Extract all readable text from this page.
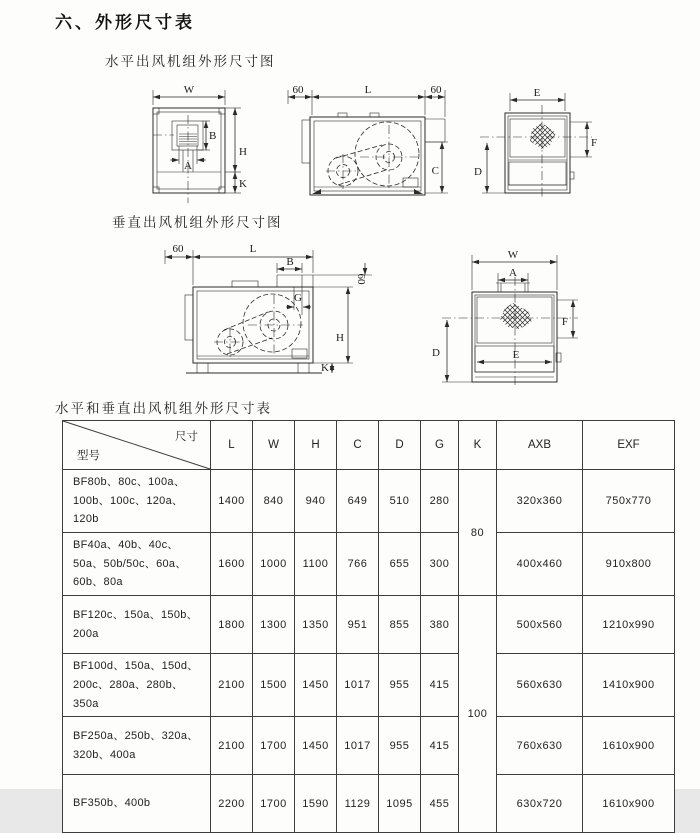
六、外形尺寸表
水平出风机组外形尺寸图
W
B
A
H
K
60	L	60
C
E
F
D
垂直出风机组外形尺寸图
60	L
B
60
G
H
K
W
A
F
D	E
水平和垂直出风机组外形尺寸表
尺寸
型号	L	W	H	C	D	G	K	AXB	EXF
BF80b、80c、100a、100b、100c、120a、120b	1400	840	940	649	510	280	80	320x360	750x770
BF40a、40b、40c、50a、50b/50c、60a、60b、80a	1600	1000	1100	766	655	300		400x460	910x800
BF120c、150a、150b、200a	1800	1300	1350	951	855	380	100	500x560	1210x990
BF100d、150a、150d、200c、280a、280b、350a	2100	1500	1450	1017	955	415		560x630	1410x900
BF250a、250b、320a、320b、400a	2100	1700	1450	1017	955	415		760x630	1610x900
BF350b、400b	2200	1700	1590	1129	1095	455		630x720	1610x900
